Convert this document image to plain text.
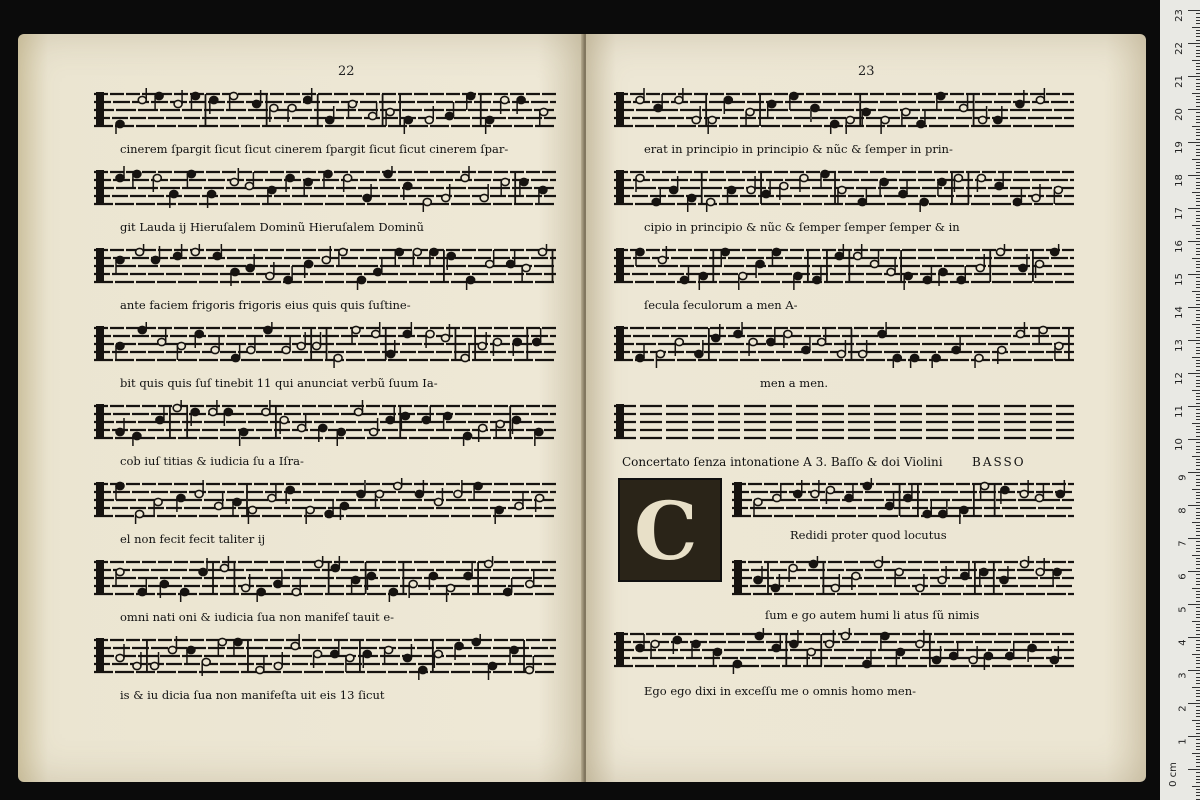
22	23
cinerem ſpargit ſicut ſicut cinerem ſpargit ſicut ſicut cinerem ſpar-
git Lauda ij Hieruſalem Dominũ Hieruſalem Dominũ
ante faciem frigoris frigoris eius quis quis ſuſtine-
bit quis quis ſuſ tinebit 11 qui anunciat verbũ ſuum Ia-
cob iuſ titias & iudicia ſu a Iſra-
el non fecit fecit taliter ij
omni nati oni & iudicia ſua non manifeſ tauit e-
is & iu dicia ſua non manifeſta uit eis 13 ſicut
erat in principio in principio & nũc & ſemper in prin-
cipio in principio & nũc & ſemper ſemper ſemper & in
ſecula ſeculorum a men A-
men a men.
Redidi proter quod locutus
ſum e go autem humi li atus ſũ nimis
Ego ego dixi in exceſſu me o omnis homo men-
Concertato ſenza intonatione A 3. Baſſo & doi Violini BASSO
C
23
22
21
20
19
18
17
16
15
14
13
12
11
10
9
8
7
6
5
4
3
2
1
0 cm
